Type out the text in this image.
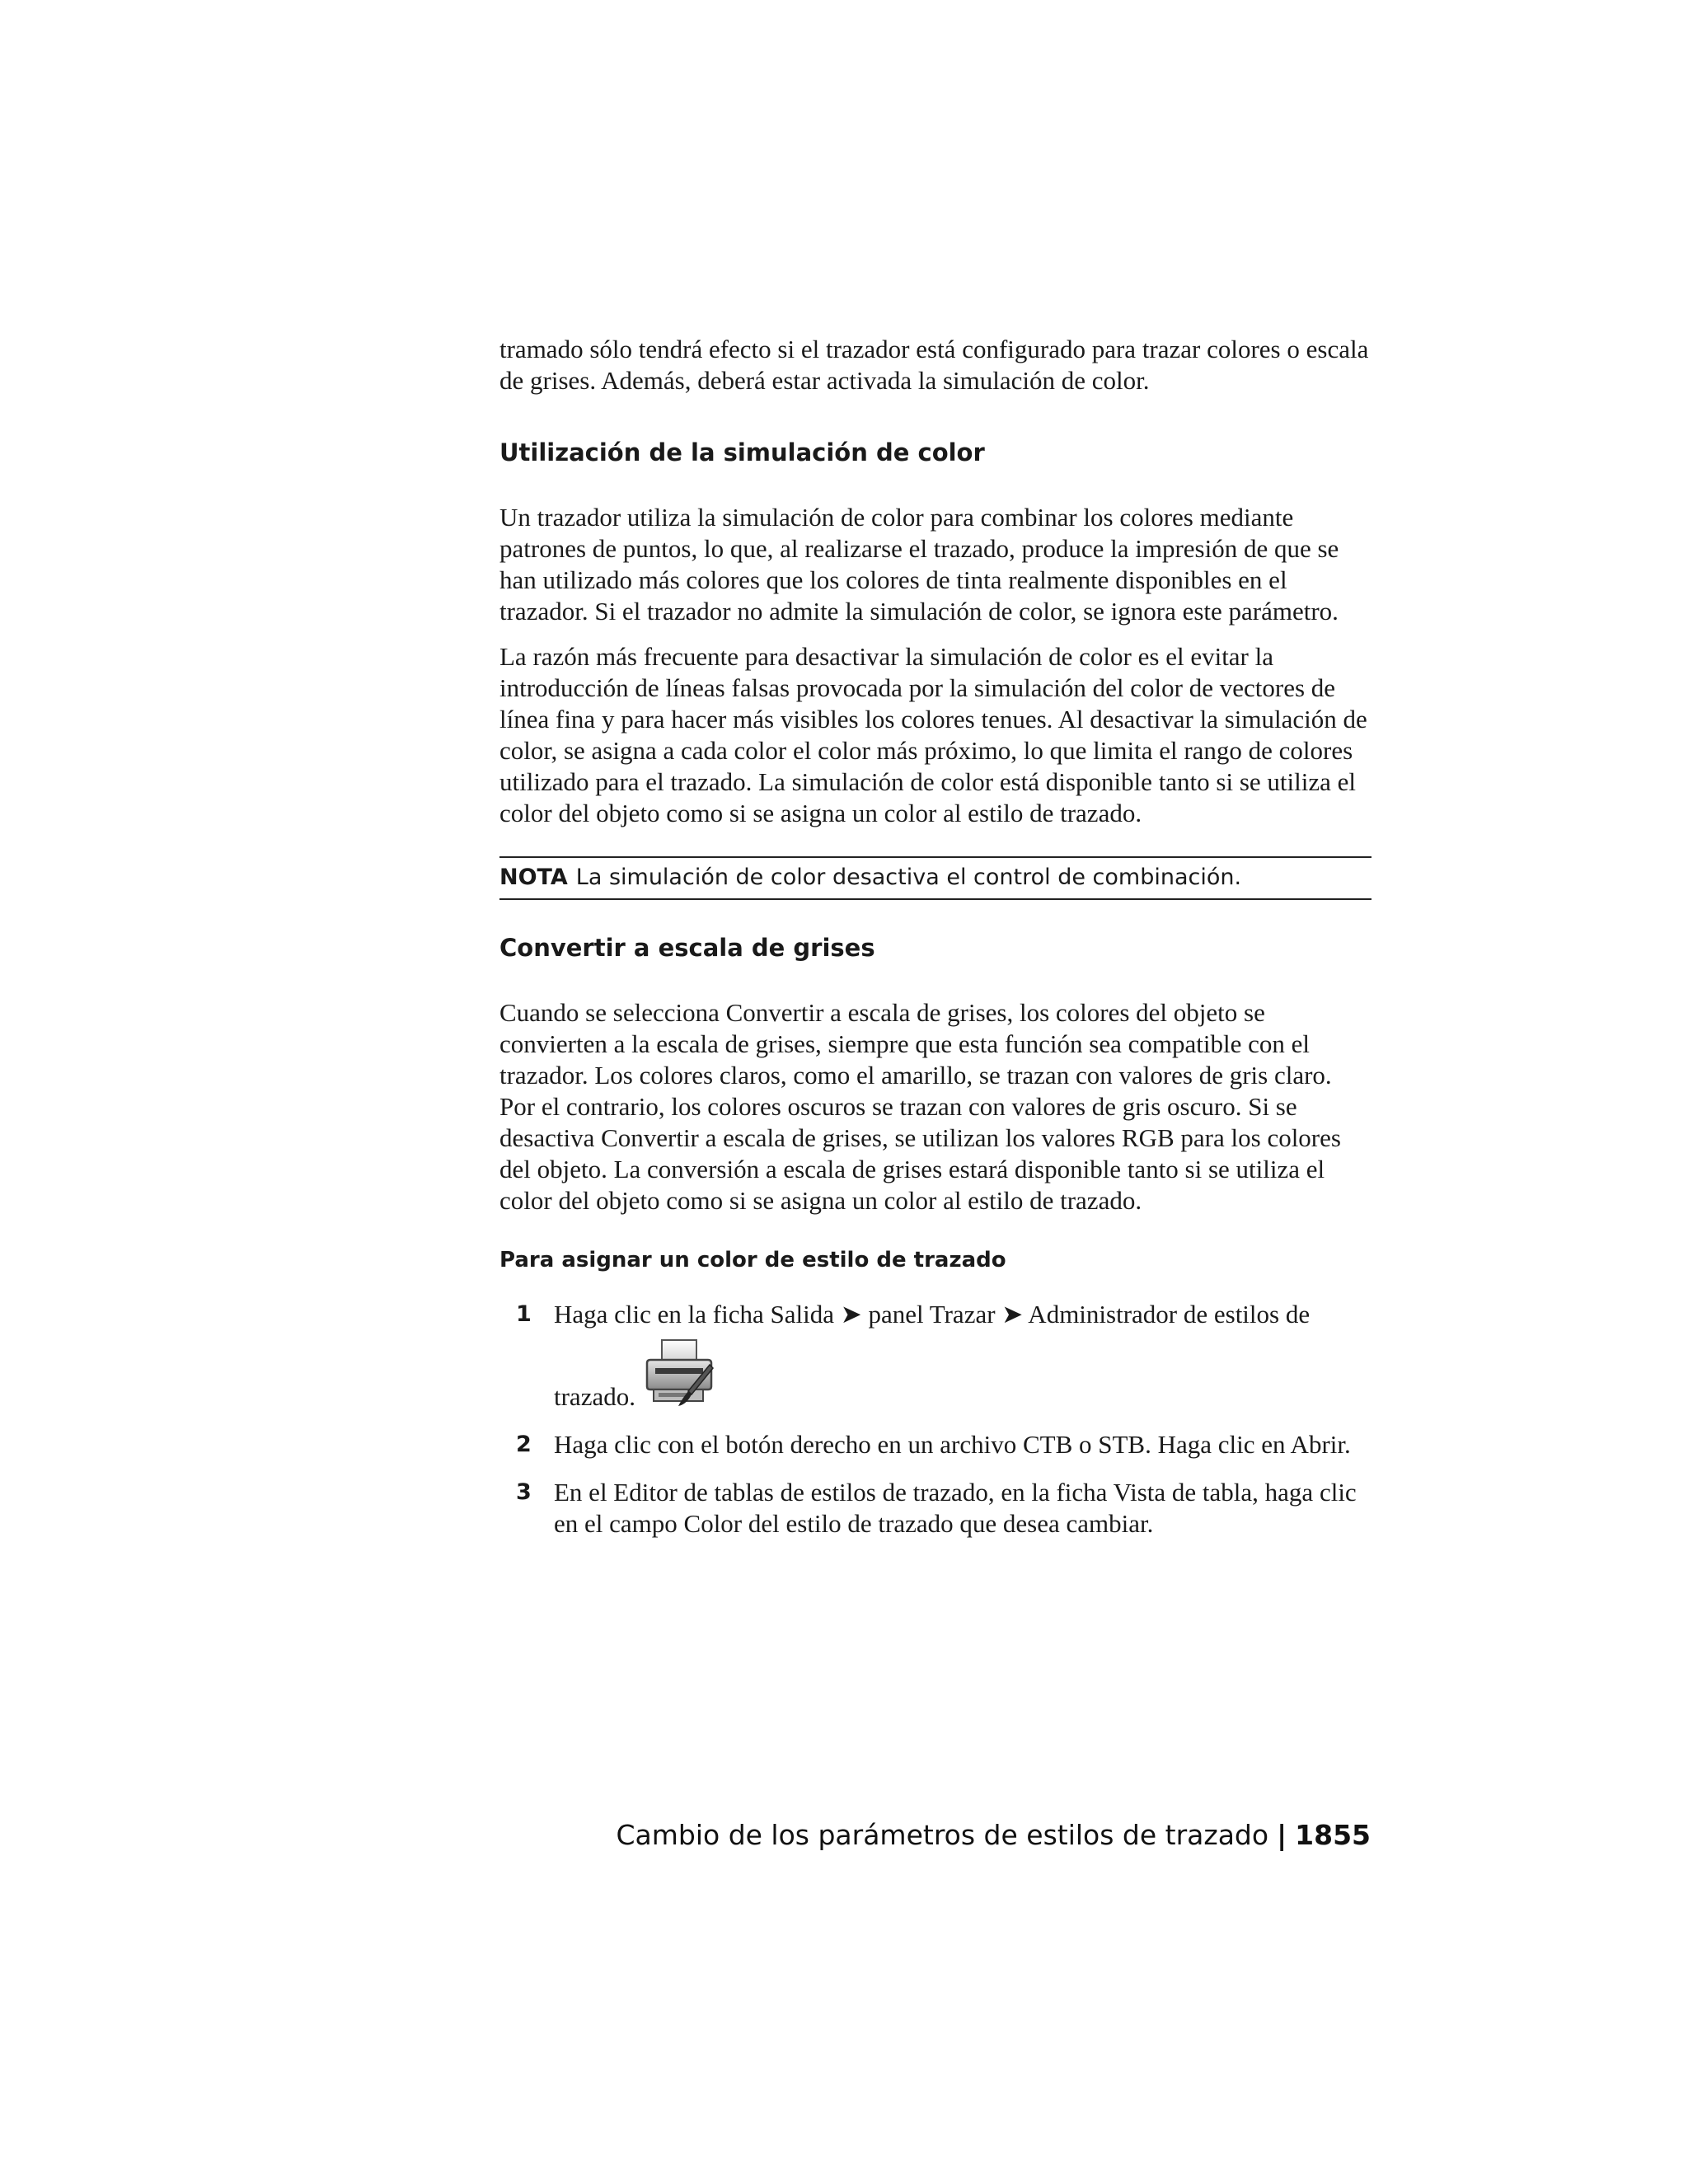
tramado sólo tendrá efecto si el trazador está configurado para trazar colores o escala de grises. Además, deberá estar activada la simulación de color.

Utilización de la simulación de color

Un trazador utiliza la simulación de color para combinar los colores mediante patrones de puntos, lo que, al realizarse el trazado, produce la impresión de que se han utilizado más colores que los colores de tinta realmente disponibles en el trazador. Si el trazador no admite la simulación de color, se ignora este parámetro.

La razón más frecuente para desactivar la simulación de color es el evitar la introducción de líneas falsas provocada por la simulación del color de vectores de línea fina y para hacer más visibles los colores tenues. Al desactivar la simulación de color, se asigna a cada color el color más próximo, lo que limita el rango de colores utilizado para el trazado. La simulación de color está disponible tanto si se utiliza el color del objeto como si se asigna un color al estilo de trazado.

NOTA La simulación de color desactiva el control de combinación.
Convertir a escala de grises

Cuando se selecciona Convertir a escala de grises, los colores del objeto se convierten a la escala de grises, siempre que esta función sea compatible con el trazador. Los colores claros, como el amarillo, se trazan con valores de gris claro. Por el contrario, los colores oscuros se trazan con valores de gris oscuro. Si se desactiva Convertir a escala de grises, se utilizan los valores RGB para los colores del objeto. La conversión a escala de grises estará disponible tanto si se utiliza el color del objeto como si se asigna un color al estilo de trazado.

Para asignar un color de estilo de trazado
1 Haga clic en la ficha Salida ➤ panel Trazar ➤ Administrador de estilos de
trazado.
2 Haga clic con el botón derecho en un archivo CTB o STB. Haga clic en Abrir.
3 En el Editor de tablas de estilos de trazado, en la ficha Vista de tabla, haga clic en el campo Color del estilo de trazado que desea cambiar.
Cambio de los parámetros de estilos de trazado | 1855
